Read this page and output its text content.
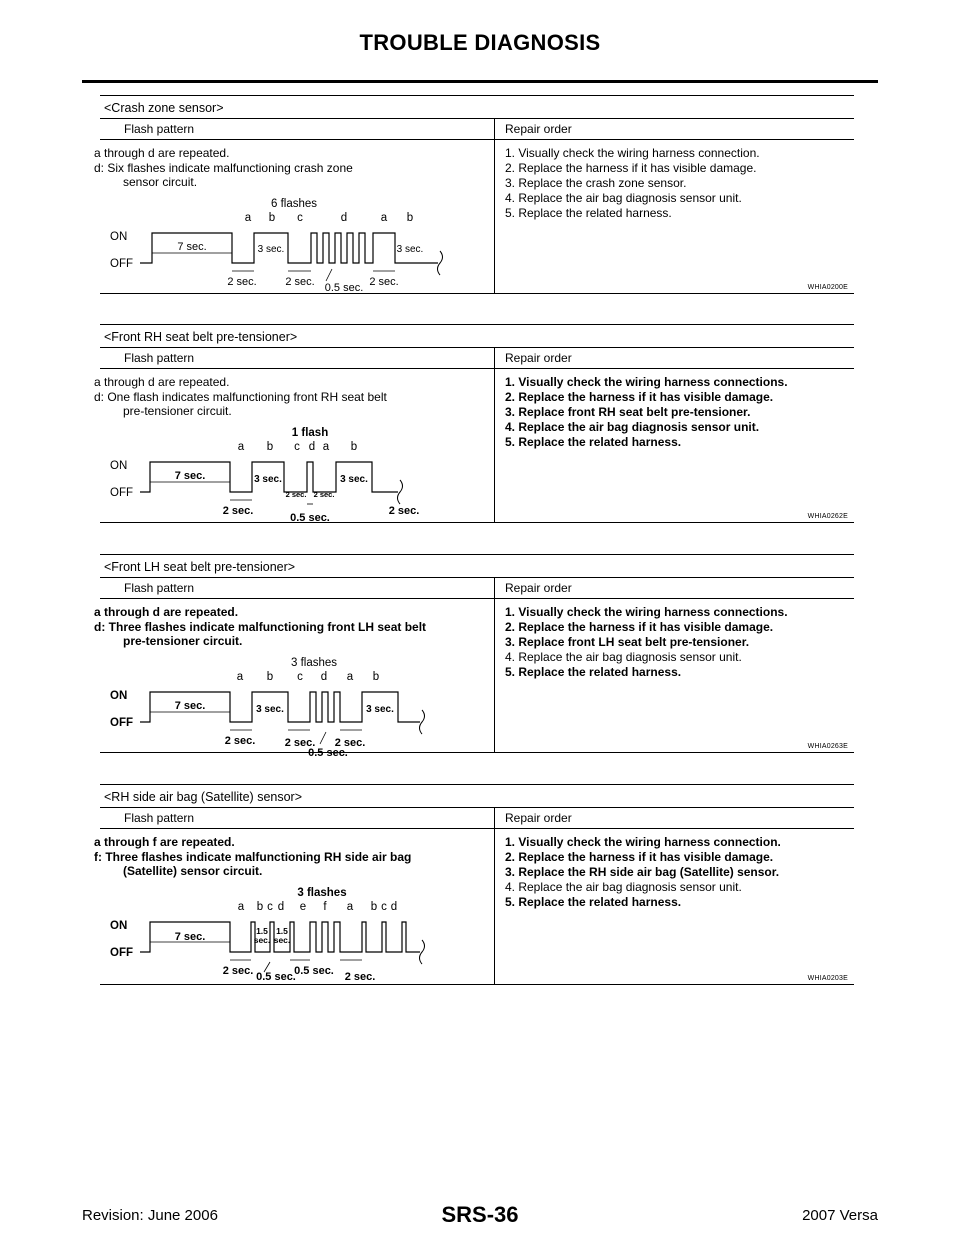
TROUBLE DIAGNOSIS
<Crash zone sensor>
Flash pattern
a through d are repeated.
d: Six flashes indicate malfunctioning crash zone
sensor circuit.
6 flashes
a b c	d	a b
ON
OFF
7 sec.	3 sec.	3 sec.
2 sec.	2 sec.	2 sec.
0.5 sec.
Repair order
1. Visually check the wiring harness connection.
2. Replace the harness if it has visible damage.
3. Replace the crash zone sensor.
4. Replace the air bag diagnosis sensor unit.
5. Replace the related harness.
WHIA0200E
<Front RH seat belt pre-tensioner>
Flash pattern
a through d are repeated.
d: One flash indicates malfunctioning front RH seat belt
pre-tensioner circuit.
1 flash
a b c d a b
ON
OFF
7 sec.	3 sec.	3 sec.
2 sec. 2 sec.
2 sec.	2 sec.
0.5 sec.
Repair order
1. Visually check the wiring harness connections.
2. Replace the harness if it has visible damage.
3. Replace front RH seat belt pre-tensioner.
4. Replace the air bag diagnosis sensor unit.
5. Replace the related harness.
WHIA0262E
<Front LH seat belt pre-tensioner>
Flash pattern
a through d are repeated.
d: Three flashes indicate malfunctioning front LH seat belt
pre-tensioner circuit.
3 flashes
a b c d a b
ON
OFF
7 sec.	3 sec.	3 sec.
2 sec.	2 sec. 2 sec.
0.5 sec.
Repair order
1. Visually check the wiring harness connections.
2. Replace the harness if it has visible damage.
3. Replace front LH seat belt pre-tensioner.
4. Replace the air bag diagnosis sensor unit.
5. Replace the related harness.
WHIA0263E
<RH side air bag (Satellite) sensor>
Flash pattern
a through f are repeated.
f: Three flashes indicate malfunctioning RH side air bag
(Satellite) sensor circuit.
3 flashes
a b c d e f a b c d
ON
OFF
7 sec.	1.5
sec.
1.5
sec.
2 sec.	0.5 sec.
0.5 sec.	2 sec.
Repair order
1. Visually check the wiring harness connection.
2. Replace the harness if it has visible damage.
3. Replace the RH side air bag (Satellite) sensor.
4. Replace the air bag diagnosis sensor unit.
5. Replace the related harness.
WHIA0203E
Revision: June 2006	SRS-36	2007 Versa
